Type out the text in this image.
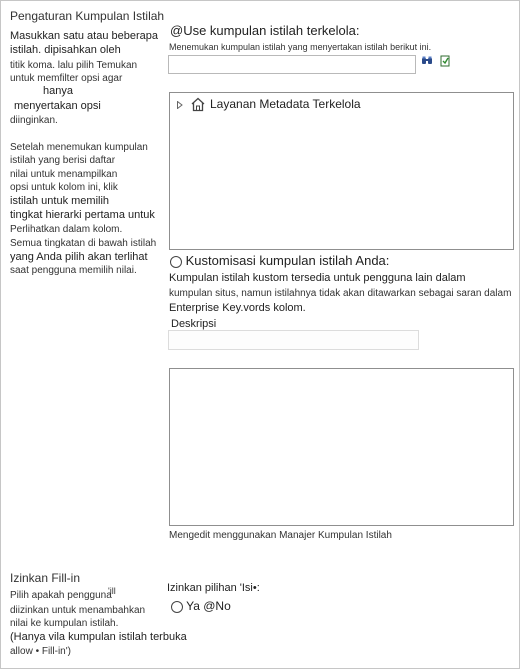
Pengaturan Kumpulan Istilah
Masukkan satu atau beberapa
istilah. dipisahkan oleh
titik koma. lalu pilih Temukan
untuk memfilter opsi agar
hanya
menyertakan opsi
diinginkan.
Setelah menemukan kumpulan
istilah yang berisi daftar
nilai untuk menampilkan
opsi untuk kolom ini, klik
istilah untuk memilih
tingkat hierarki pertama untuk
Perlihatkan dalam kolom.
Semua tingkatan di bawah istilah
yang Anda pilih akan terlihat
saat pengguna memilih nilai.
@Use kumpulan istilah terkelola:
Menemukan kumpulan istilah yang menyertakan istilah berikut ini.
Layanan Metadata Terkelola
Kustomisasi kumpulan istilah Anda:
Kumpulan istilah kustom tersedia untuk pengguna lain dalam
kumpulan situs, namun istilahnya tidak akan ditawarkan sebagai saran dalam
Enterprise Key.vords kolom.
Deskripsi
Mengedit menggunakan Manajer Kumpulan Istilah
Izinkan Fill-in
Pilih apakah pengguna
'ill
diizinkan untuk menambahkan
nilai ke kumpulan istilah.
(Hanya vila kumpulan istilah terbuka
allow • Fill-in')
Izinkan pilihan 'Isi•:
Ya @No
